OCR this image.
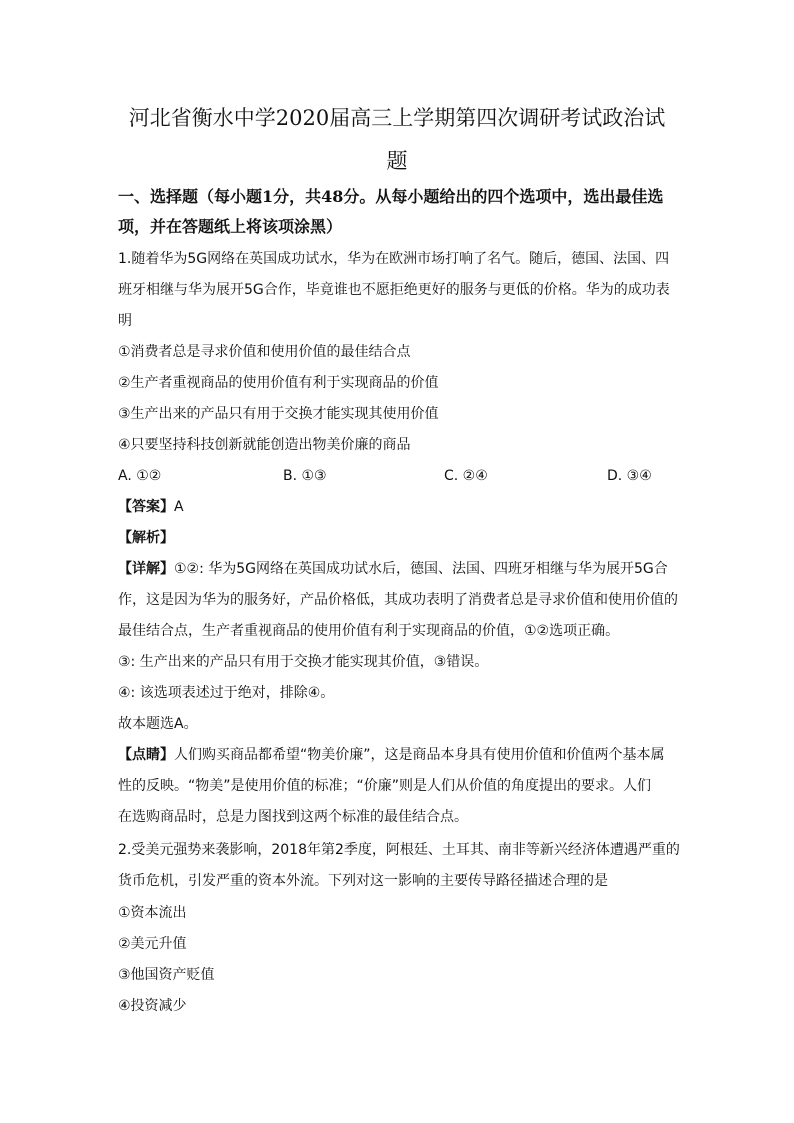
河北省衡水中学2020届高三上学期第四次调研考试政治试
题
一、选择题（每小题1分，共48分。从每小题给出的四个选项中，选出最佳选
项，并在答题纸上将该项涂黑）
1.随着华为5G网络在英国成功试水，华为在欧洲市场打响了名气。随后，德国、法国、四
班牙相继与华为展开5G合作，毕竟谁也不愿拒绝更好的服务与更低的价格。华为的成功表
明
①消费者总是寻求价值和使用价值的最佳结合点
②生产者重视商品的使用价值有利于实现商品的价值
③生产出来的产品只有用于交换才能实现其使用价值
④只要坚持科技创新就能创造出物美价廉的商品
A. ①②	B. ①③	C. ②④	D. ③④
【答案】A
【解析】
【详解】①②: 华为5G网络在英国成功试水后，德国、法国、四班牙相继与华为展开5G合
作，这是因为华为的服务好，产品价格低，其成功表明了消费者总是寻求价值和使用价值的
最佳结合点，生产者重视商品的使用价值有利于实现商品的价值，①②选项正确。
③: 生产出来的产品只有用于交换才能实现其价值，③错误。
④: 该选项表述过于绝对，排除④。
故本题选A。
【点睛】人们购买商品都希望“物美价廉”，这是商品本身具有使用价值和价值两个基本属
性的反映。“物美”是使用价值的标准；“价廉”则是人们从价值的角度提出的要求。人们
在选购商品时，总是力图找到这两个标准的最佳结合点。
2.受美元强势来袭影响，2018年第2季度，阿根廷、土耳其、南非等新兴经济体遭遇严重的
货币危机，引发严重的资本外流。下列对这一影响的主要传导路径描述合理的是
①资本流出
②美元升值
③他国资产贬值
④投资减少
